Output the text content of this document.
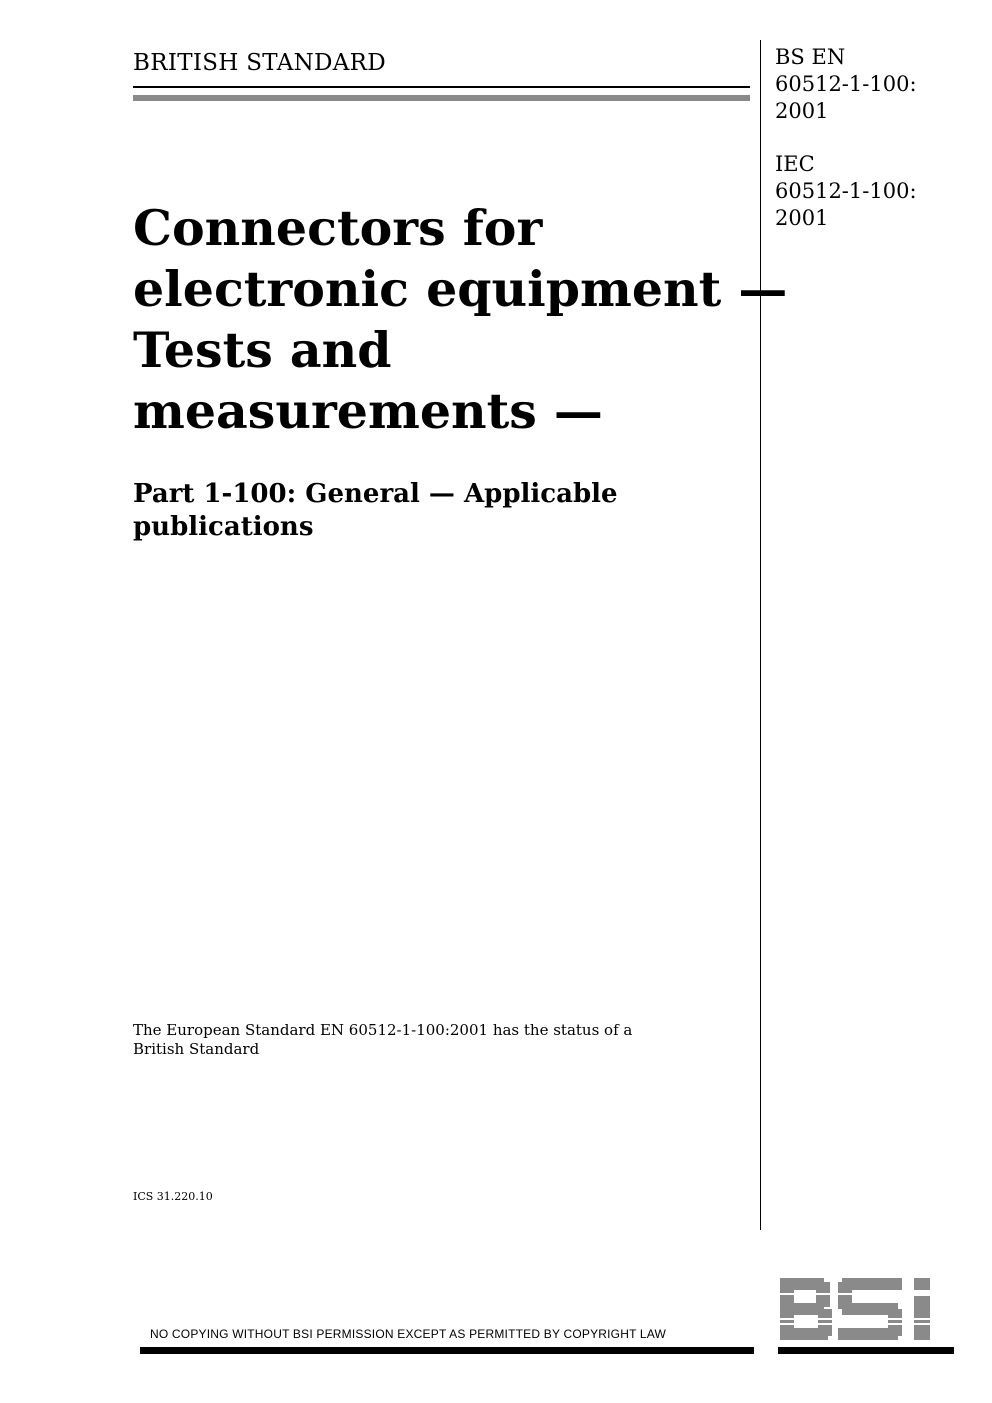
BRITISH STANDARD	BS EN
60512-1-100:
2001
IEC
60512-1-100:
2001
Connectors for
electronic equipment —
Tests and
measurements —
Part 1-100: General — Applicable publications
The European Standard EN 60512-1-100:2001 has the status of a British Standard
ICS 31.220.10
NO COPYING WITHOUT BSI PERMISSION EXCEPT AS PERMITTED BY COPYRIGHT LAW
